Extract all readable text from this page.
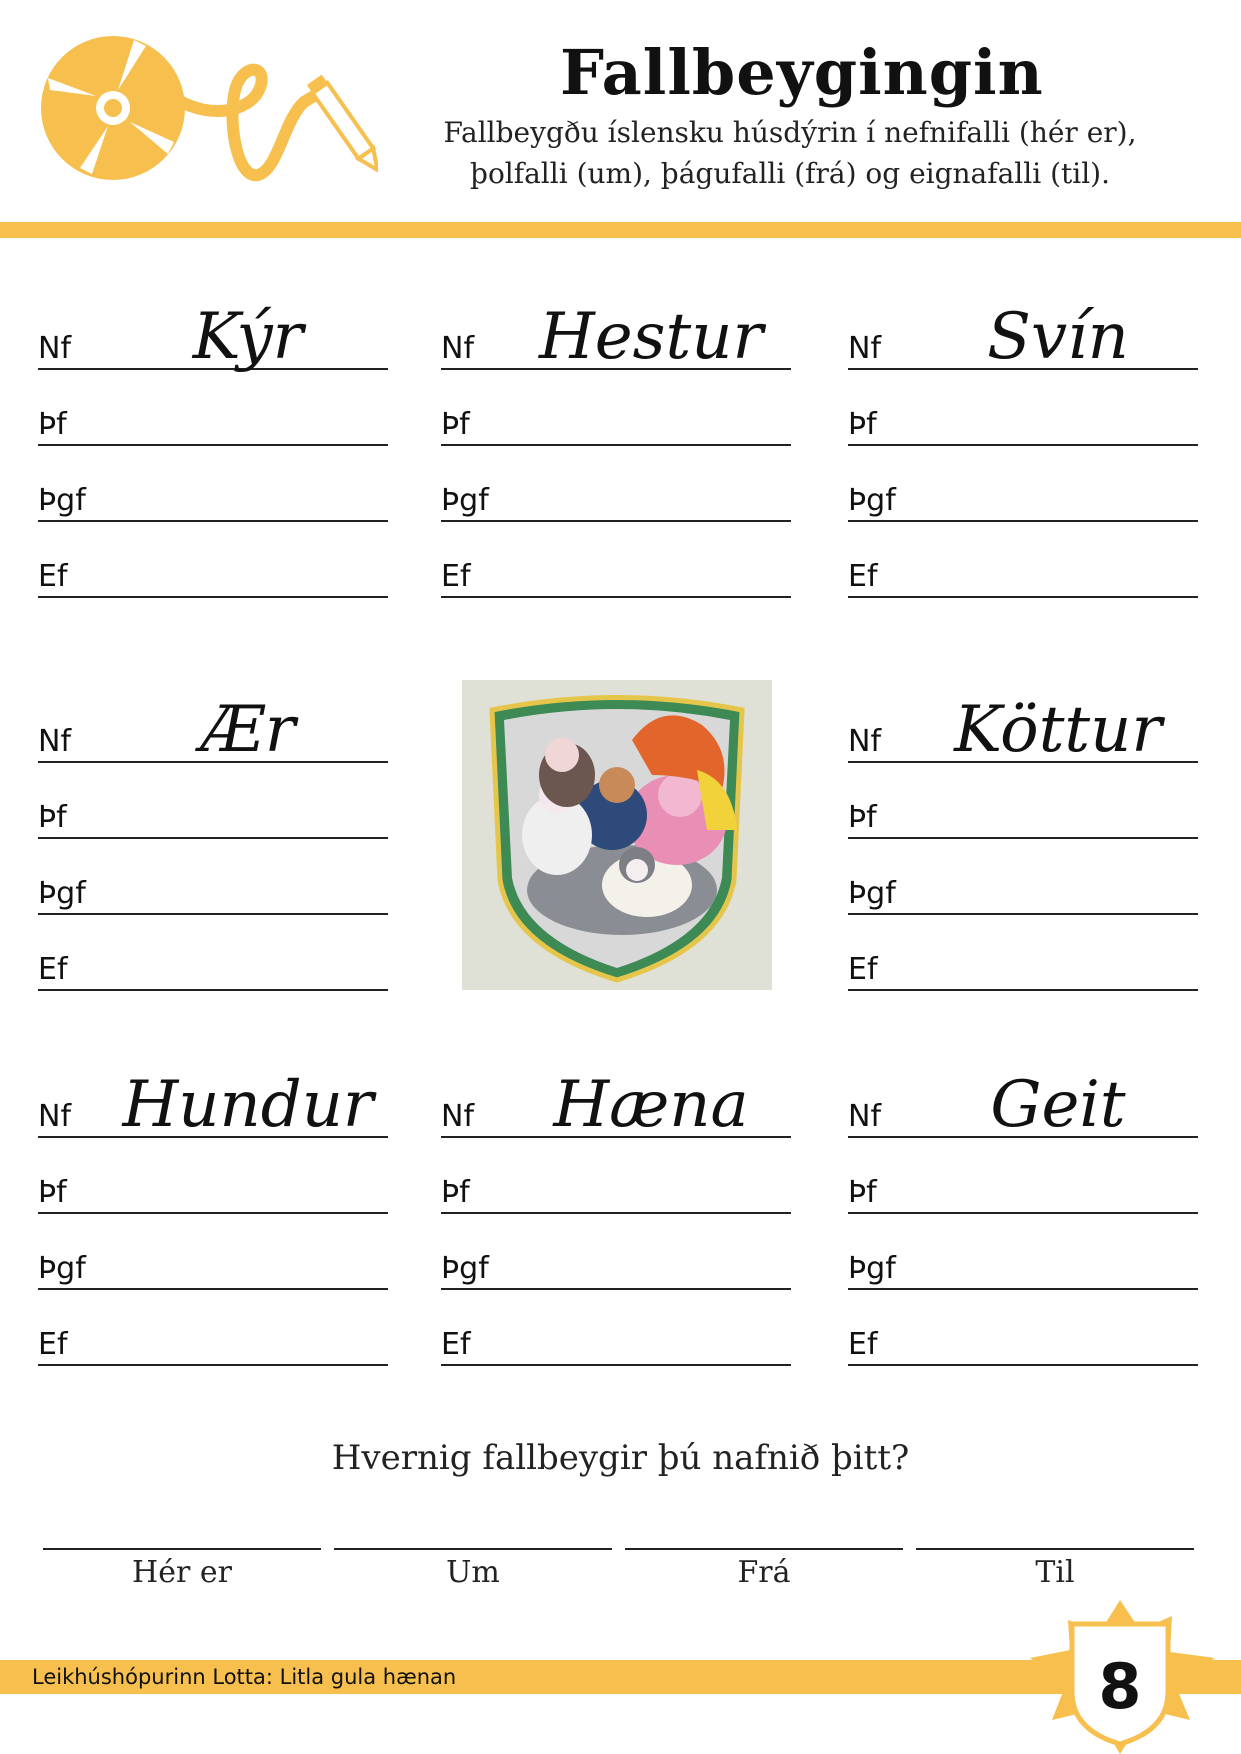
Fallbeygingin
Fallbeygðu íslensku húsdýrin í nefnifalli (hér er),
þolfalli (um), þágufalli (frá) og eignafalli (til).
Nf	Kýr
Þf
Þgf
Ef
Nf	Hestur
Þf
Þgf
Ef
Nf	Svín
Þf
Þgf
Ef
Nf	Ær
Þf
Þgf
Ef
Nf	Köttur
Þf
Þgf
Ef
Nf Hundur
Þf
Þgf
Ef
Nf	Hæna
Þf
Þgf
Ef
Nf	Geit
Þf
Þgf
Ef
Hvernig fallbeygir þú nafnið þitt?
Hér er	Um	Frá	Til
Leikhúshópurinn Lotta: Litla gula hænan	8
